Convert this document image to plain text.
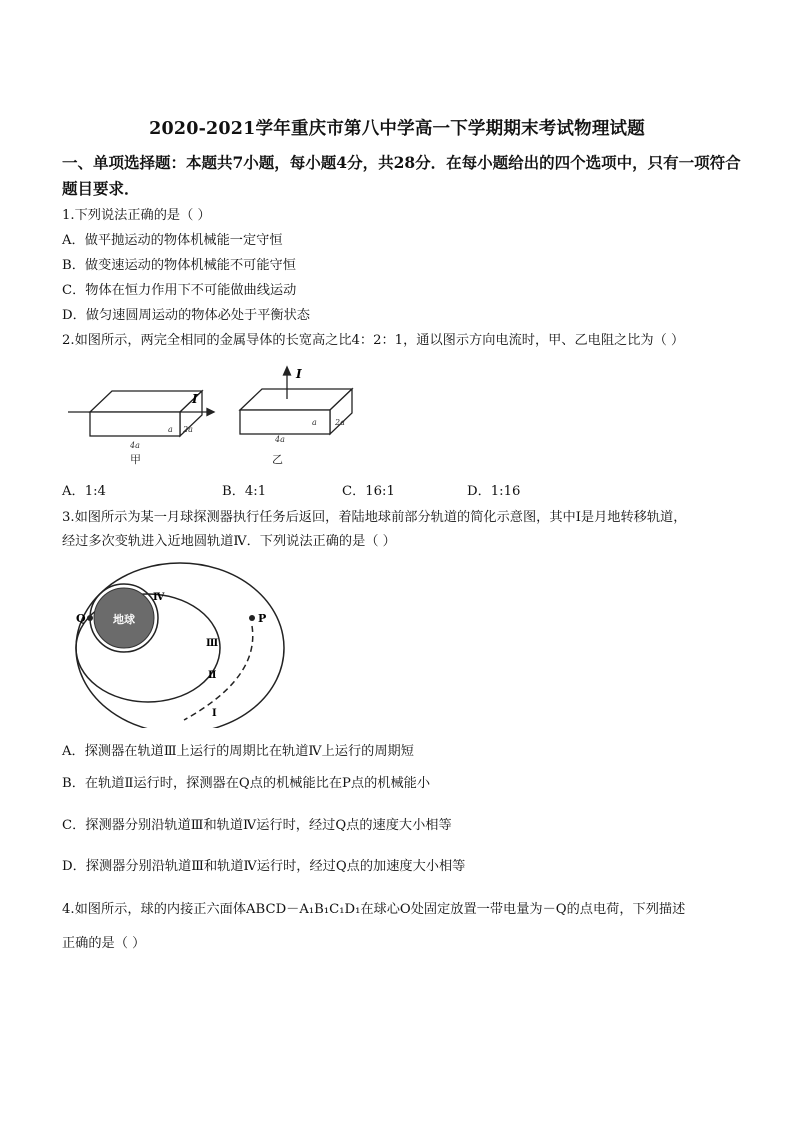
2020-2021学年重庆市第八中学高一下学期期末考试物理试题
一、单项选择题：本题共7小题，每小题4分，共28分．在每小题给出的四个选项中，只有一项符合题目要求．
1.下列说法正确的是（ ）
A．做平抛运动的物体机械能一定守恒
B．做变速运动的物体机械能不可能守恒
C．物体在恒力作用下不可能做曲线运动
D．做匀速圆周运动的物体必处于平衡状态
2.如图所示，两完全相同的金属导体的长宽高之比4：2：1，通以图示方向电流时，甲、乙电阻之比为（ ）
I
a 2a
4a
甲
I
a 2a
4a
乙
A．1:4	B．4:1	C．16:1	D．1:16
3.如图所示为某一月球探测器执行任务后返回，着陆地球前部分轨道的简化示意图，其中Ⅰ是月地转移轨道，
经过多次变轨进入近地圆轨道Ⅳ．下列说法正确的是（ ）
地球
Q	P
Ⅳ
Ⅲ
Ⅱ
Ⅰ
A．探测器在轨道Ⅲ上运行的周期比在轨道Ⅳ上运行的周期短
B．在轨道Ⅱ运行时，探测器在Q点的机械能比在P点的机械能小
C．探测器分别沿轨道Ⅲ和轨道Ⅳ运行时，经过Q点的速度大小相等
D．探测器分别沿轨道Ⅲ和轨道Ⅳ运行时，经过Q点的加速度大小相等
4.如图所示，球的内接正六面体ABCD－A₁B₁C₁D₁在球心O处固定放置一带电量为－Q的点电荷，下列描述
正确的是（ ）
